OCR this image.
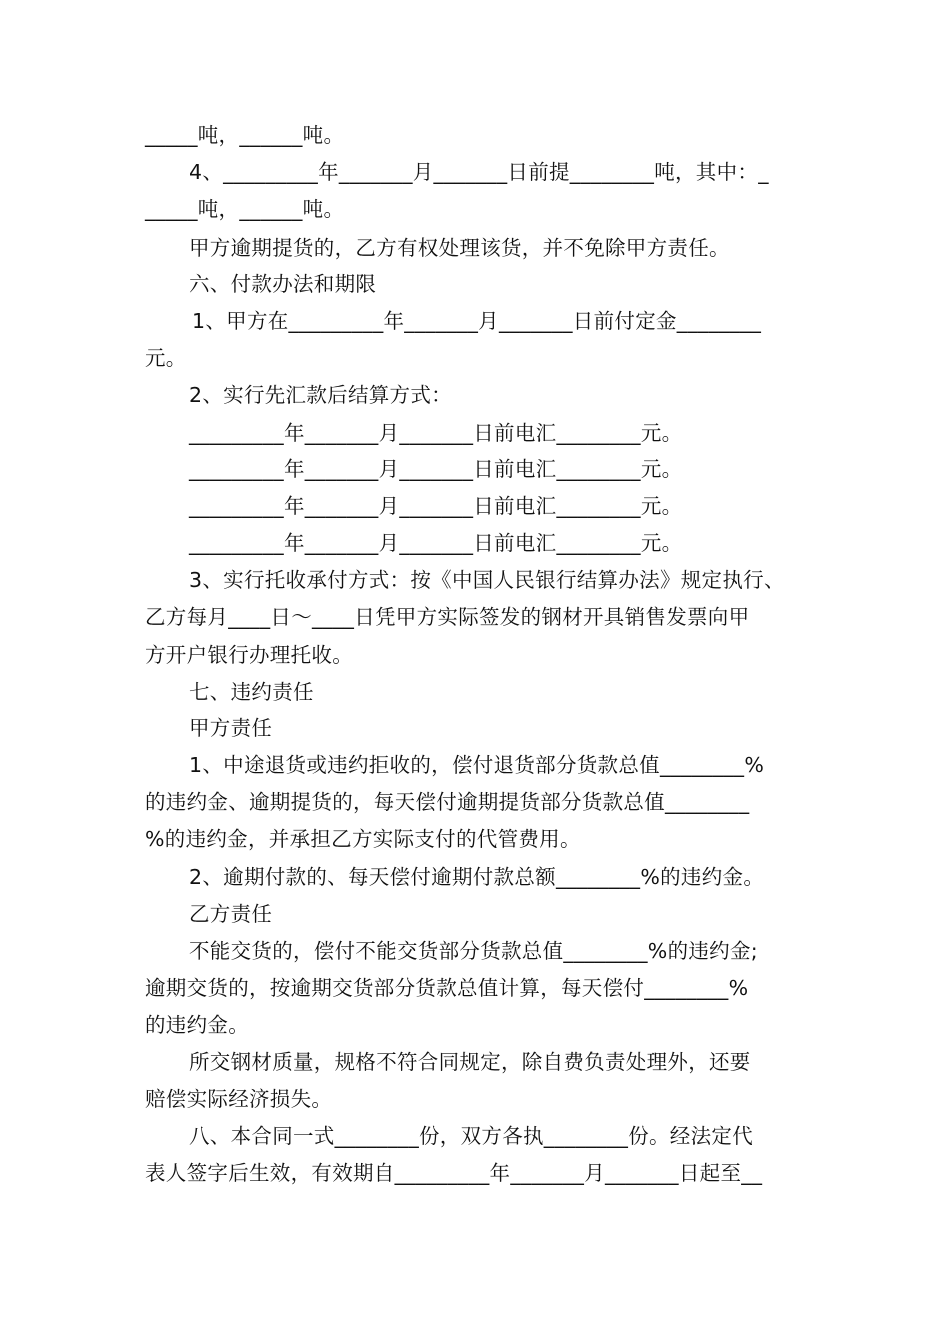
_____吨，______吨。
4、_________年_______月_______日前提________吨，其中：_
_____吨，______吨。
甲方逾期提货的，乙方有权处理该货，并不免除甲方责任。
六、付款办法和期限
1、甲方在_________年_______月_______日前付定金________
元。
2、实行先汇款后结算方式：
_________年_______月_______日前电汇________元。
_________年_______月_______日前电汇________元。
_________年_______月_______日前电汇________元。
_________年_______月_______日前电汇________元。
3、实行托收承付方式：按《中国人民银行结算办法》规定执行、
乙方每月____日～____日凭甲方实际签发的钢材开具销售发票向甲
方开户银行办理托收。
七、违约责任
甲方责任
1、中途退货或违约拒收的，偿付退货部分货款总值________%
的违约金、逾期提货的，每天偿付逾期提货部分货款总值________
%的违约金，并承担乙方实际支付的代管费用。
2、逾期付款的、每天偿付逾期付款总额________%的违约金。
乙方责任
不能交货的，偿付不能交货部分货款总值________%的违约金;
逾期交货的，按逾期交货部分货款总值计算，每天偿付________%
的违约金。
所交钢材质量，规格不符合同规定，除自费负责处理外，还要
赔偿实际经济损失。
八、本合同一式________份，双方各执________份。经法定代
表人签字后生效，有效期自_________年_______月_______日起至__
